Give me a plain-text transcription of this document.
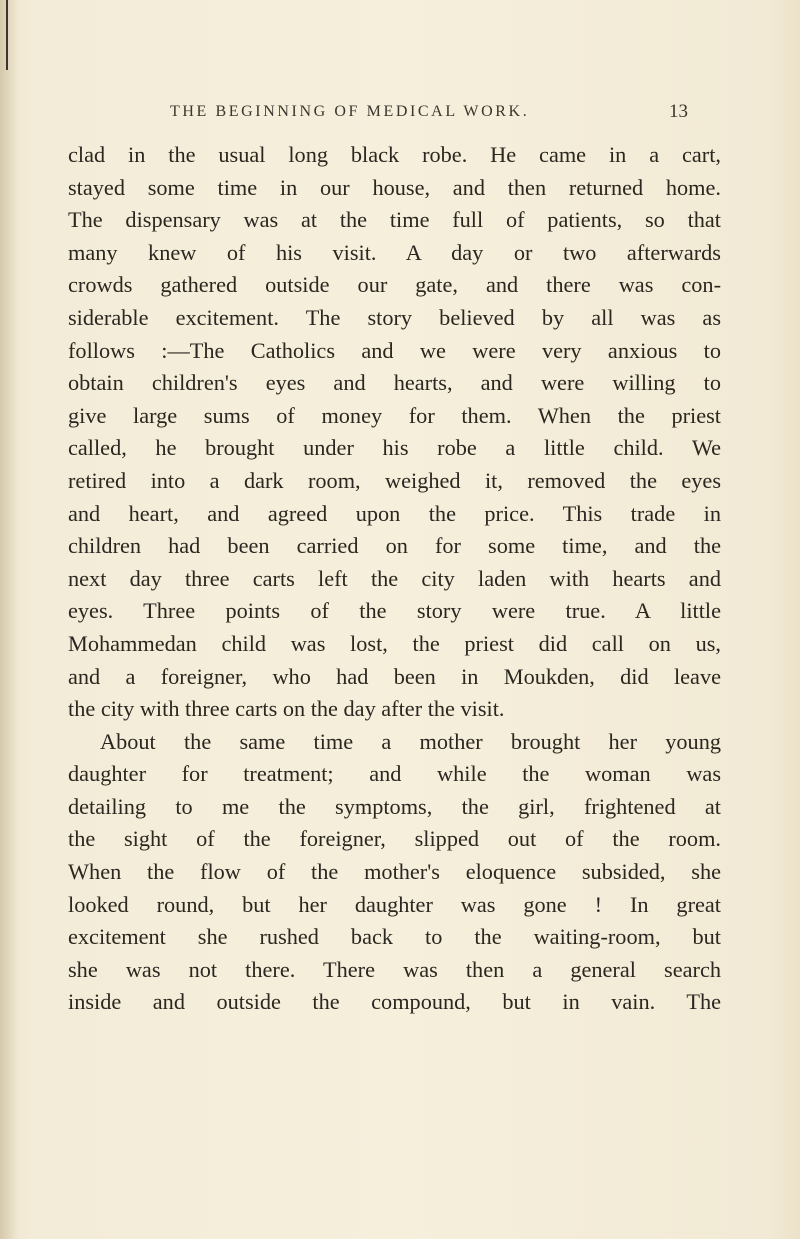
THE BEGINNING OF MEDICAL WORK.	13
clad in the usual long black robe. He came in a cart,
stayed some time in our house, and then returned home.
The dispensary was at the time full of patients, so that
many knew of his visit. A day or two afterwards
crowds gathered outside our gate, and there was con-
siderable excitement. The story believed by all was as
follows :—The Catholics and we were very anxious to
obtain children's eyes and hearts, and were willing to
give large sums of money for them. When the priest
called, he brought under his robe a little child. We
retired into a dark room, weighed it, removed the eyes
and heart, and agreed upon the price. This trade in
children had been carried on for some time, and the
next day three carts left the city laden with hearts and
eyes. Three points of the story were true. A little
Mohammedan child was lost, the priest did call on us,
and a foreigner, who had been in Moukden, did leave
the city with three carts on the day after the visit.
About the same time a mother brought her young
daughter for treatment; and while the woman was
detailing to me the symptoms, the girl, frightened at
the sight of the foreigner, slipped out of the room.
When the flow of the mother's eloquence subsided, she
looked round, but her daughter was gone ! In great
excitement she rushed back to the waiting-room, but
she was not there. There was then a general search
inside and outside the compound, but in vain. The
